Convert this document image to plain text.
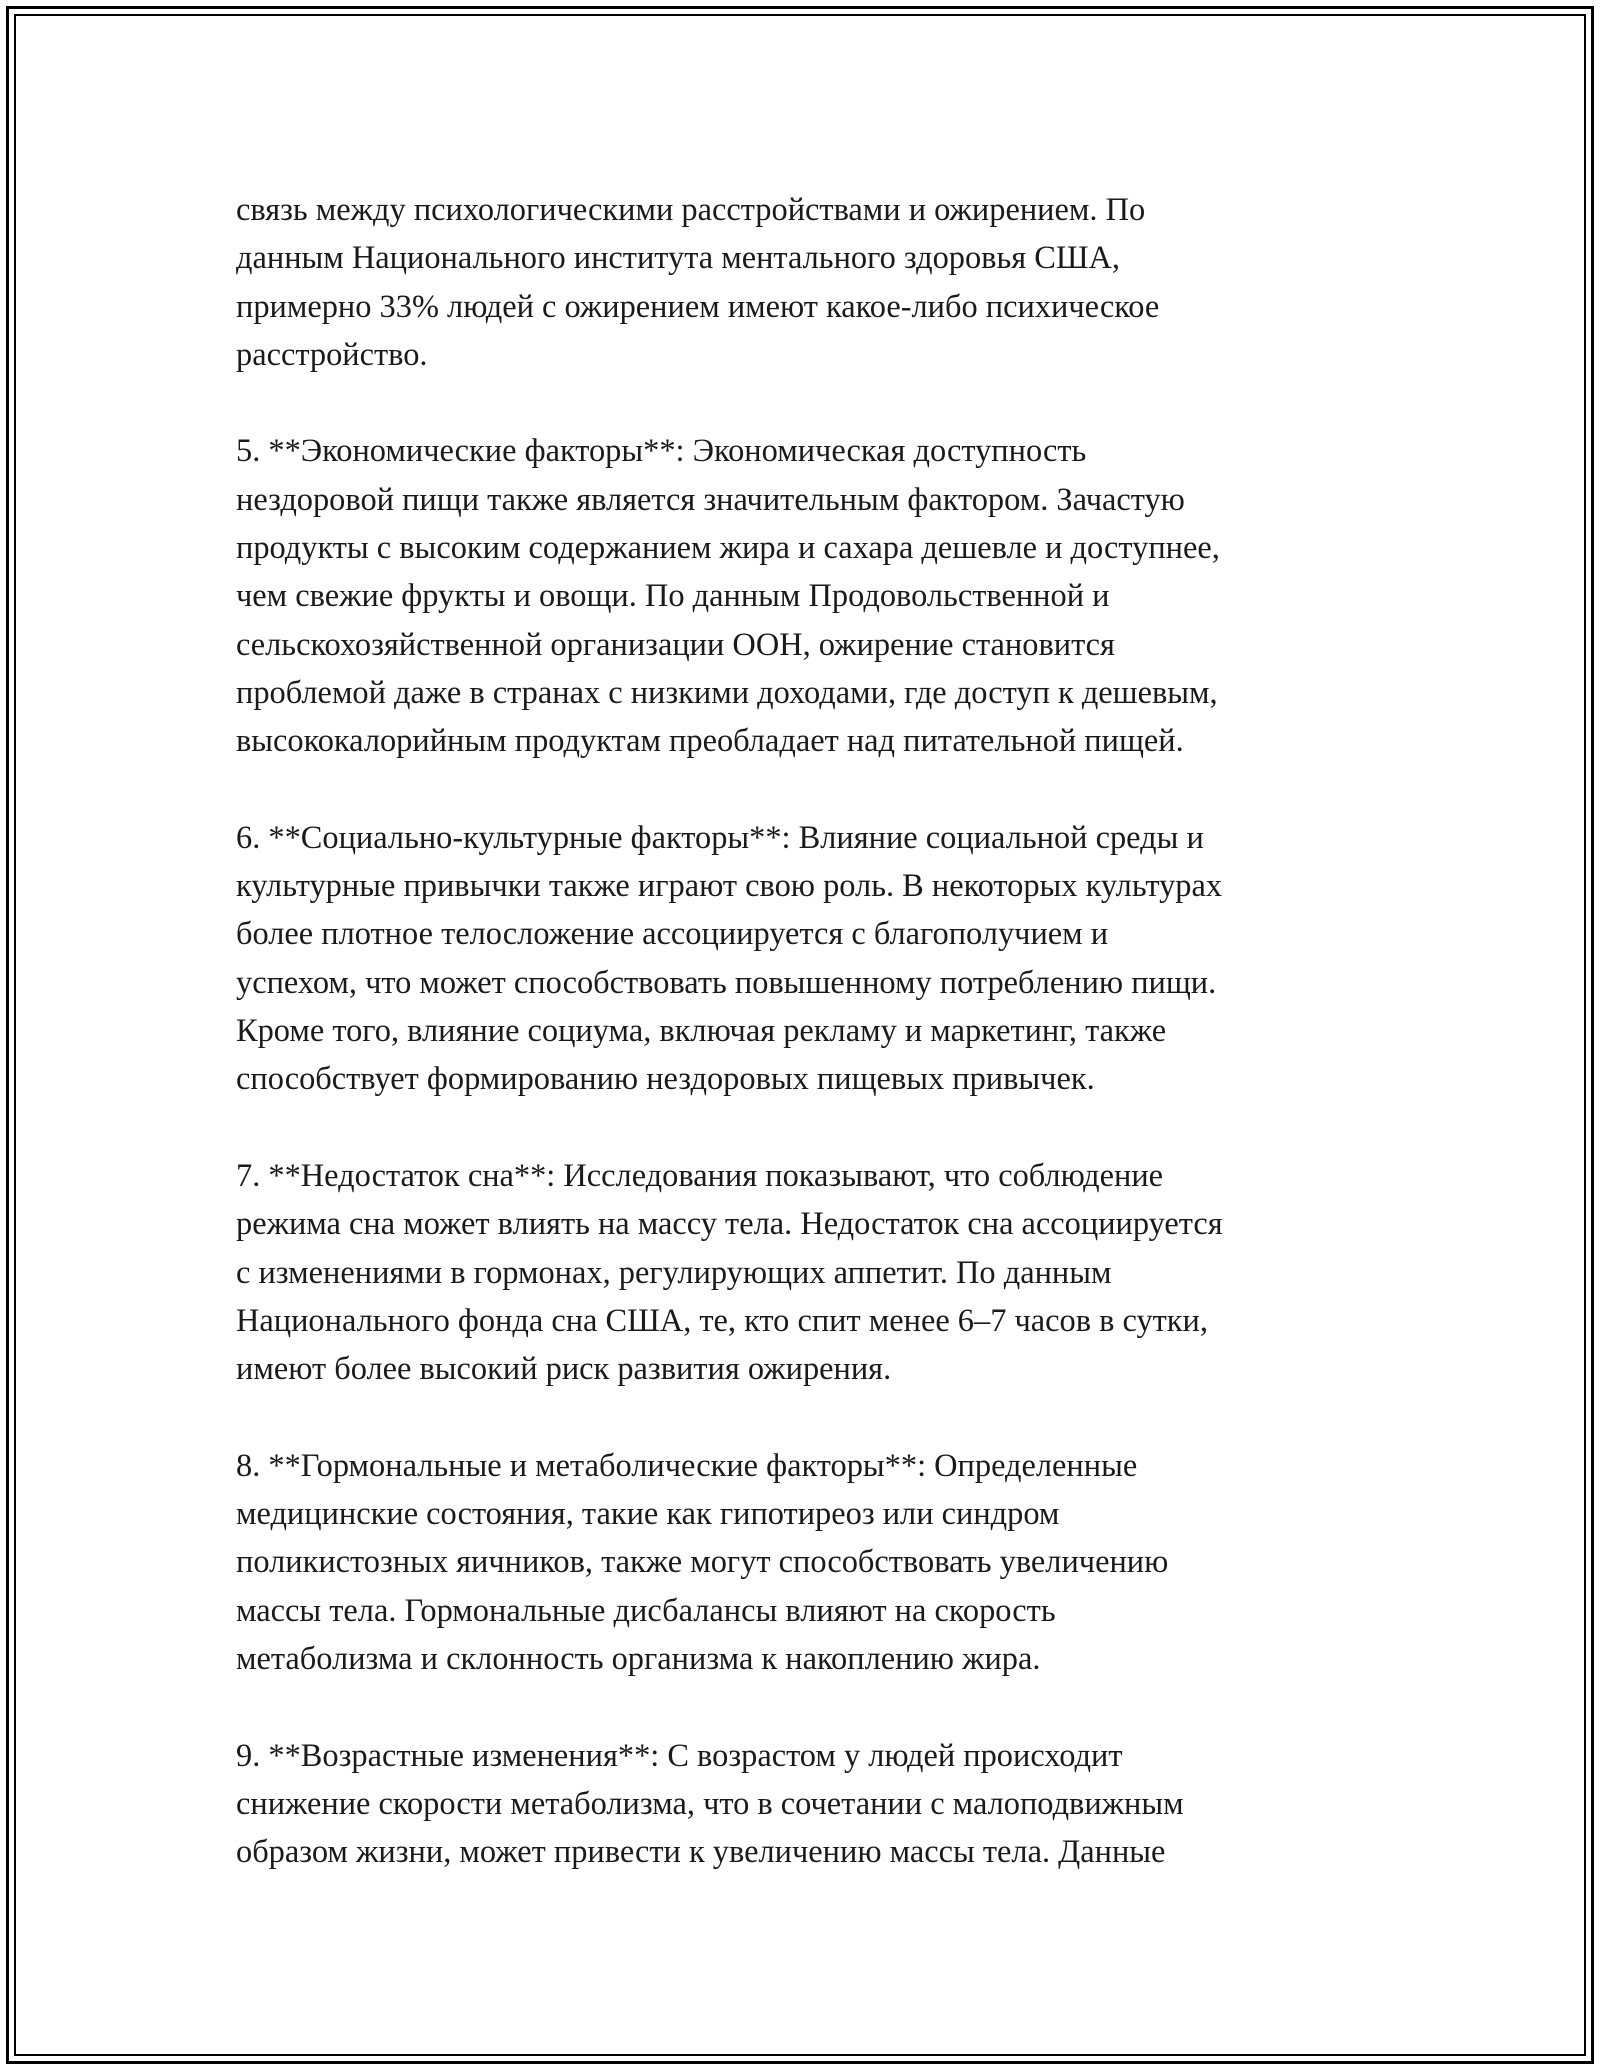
связь между психологическими расстройствами и ожирением. По
данным Национального института ментального здоровья США,
примерно 33% людей с ожирением имеют какое-либо психическое
расстройство.

5. **Экономические факторы**: Экономическая доступность
нездоровой пищи также является значительным фактором. Зачастую
продукты с высоким содержанием жира и сахара дешевле и доступнее,
чем свежие фрукты и овощи. По данным Продовольственной и
сельскохозяйственной организации ООН, ожирение становится
проблемой даже в странах с низкими доходами, где доступ к дешевым,
высококалорийным продуктам преобладает над питательной пищей.

6. **Социально-культурные факторы**: Влияние социальной среды и
культурные привычки также играют свою роль. В некоторых культурах
более плотное телосложение ассоциируется с благополучием и
успехом, что может способствовать повышенному потреблению пищи.
Кроме того, влияние социума, включая рекламу и маркетинг, также
способствует формированию нездоровых пищевых привычек.

7. **Недостаток сна**: Исследования показывают, что соблюдение
режима сна может влиять на массу тела. Недостаток сна ассоциируется
с изменениями в гормонах, регулирующих аппетит. По данным
Национального фонда сна США, те, кто спит менее 6–7 часов в сутки,
имеют более высокий риск развития ожирения.

8. **Гормональные и метаболические факторы**: Определенные
медицинские состояния, такие как гипотиреоз или синдром
поликистозных яичников, также могут способствовать увеличению
массы тела. Гормональные дисбалансы влияют на скорость
метаболизма и склонность организма к накоплению жира.

9. **Возрастные изменения**: С возрастом у людей происходит
снижение скорости метаболизма, что в сочетании с малоподвижным
образом жизни, может привести к увеличению массы тела. Данные
